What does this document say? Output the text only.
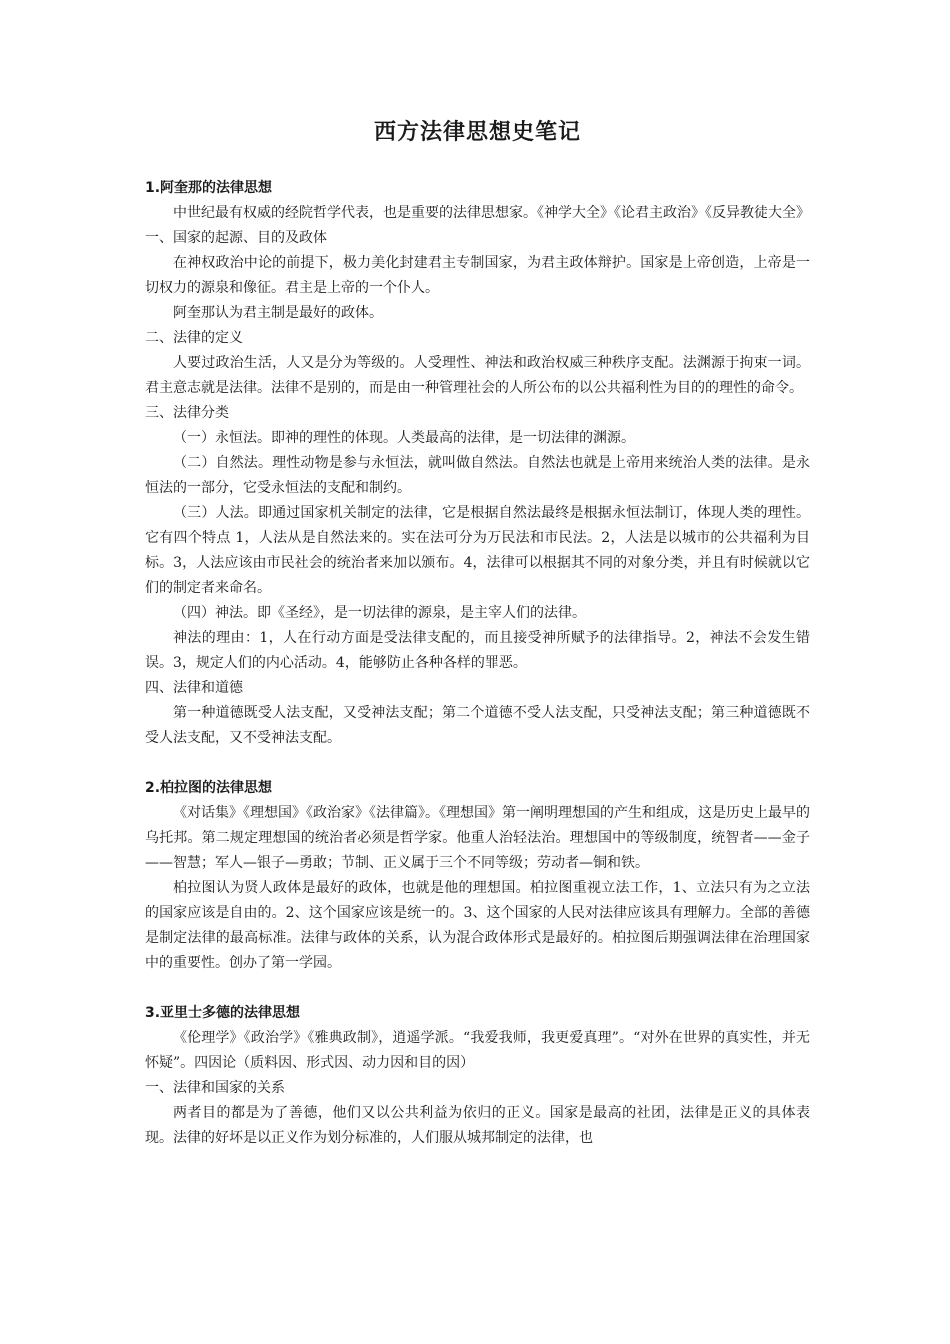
西方法律思想史笔记

1.阿奎那的法律思想

中世纪最有权威的经院哲学代表，也是重要的法律思想家。《神学大全》《论君主政治》《反异教徒大全》

一、国家的起源、目的及政体

在神权政治中论的前提下，极力美化封建君主专制国家，为君主政体辩护。国家是上帝创造，上帝是一切权力的源泉和像征。君主是上帝的一个仆人。

阿奎那认为君主制是最好的政体。

二、法律的定义

人要过政治生活，人又是分为等级的。人受理性、神法和政治权威三种秩序支配。法渊源于拘束一词。君主意志就是法律。法律不是别的，而是由一种管理社会的人所公布的以公共福利性为目的的理性的命令。

三、法律分类

（一）永恒法。即神的理性的体现。人类最高的法律，是一切法律的渊源。

（二）自然法。理性动物是参与永恒法，就叫做自然法。自然法也就是上帝用来统治人类的法律。是永恒法的一部分，它受永恒法的支配和制约。

（三）人法。即通过国家机关制定的法律，它是根据自然法最终是根据永恒法制订，体现人类的理性。它有四个特点 1，人法从是自然法来的。实在法可分为万民法和市民法。2，人法是以城市的公共福利为目标。3，人法应该由市民社会的统治者来加以颁布。4，法律可以根据其不同的对象分类，并且有时候就以它们的制定者来命名。

（四）神法。即《圣经》，是一切法律的源泉，是主宰人们的法律。

神法的理由：1，人在行动方面是受法律支配的，而且接受神所赋予的法律指导。2，神法不会发生错误。3，规定人们的内心活动。4，能够防止各种各样的罪恶。

四、法律和道德

第一种道德既受人法支配，又受神法支配；第二个道德不受人法支配，只受神法支配；第三种道德既不受人法支配，又不受神法支配。

2.柏拉图的法律思想

《对话集》《理想国》《政治家》《法律篇》。《理想国》第一阐明理想国的产生和组成，这是历史上最早的乌托邦。第二规定理想国的统治者必须是哲学家。他重人治轻法治。理想国中的等级制度，统智者——金子——智慧；军人—银子—勇敢；节制、正义属于三个不同等级；劳动者—铜和铁。

柏拉图认为贤人政体是最好的政体，也就是他的理想国。柏拉图重视立法工作，1、立法只有为之立法的国家应该是自由的。2、这个国家应该是统一的。3、这个国家的人民对法律应该具有理解力。全部的善德是制定法律的最高标准。法律与政体的关系，认为混合政体形式是最好的。柏拉图后期强调法律在治理国家中的重要性。创办了第一学园。

3.亚里士多德的法律思想

《伦理学》《政治学》《雅典政制》，逍遥学派。“我爱我师，我更爱真理”。“对外在世界的真实性，并无怀疑”。四因论（质料因、形式因、动力因和目的因）

一、法律和国家的关系

两者目的都是为了善德，他们又以公共利益为依归的正义。国家是最高的社团，法律是正义的具体表现。法律的好坏是以正义作为划分标准的，人们服从城邦制定的法律，也
